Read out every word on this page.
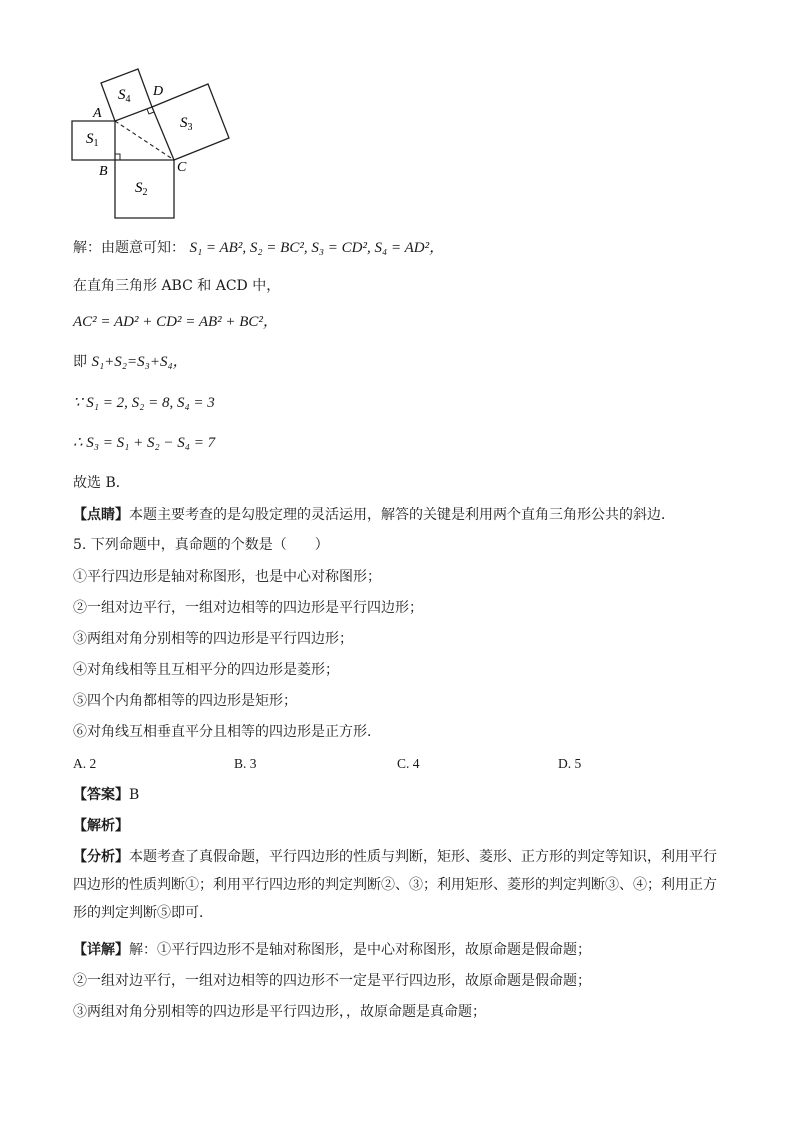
A
B	C
D
$S_1$
$S_2$
$S_3$
$S_4$
解：由题意可知： S₁ = AB², S₂ = BC², S₃ = CD², S₄ = AD²，
在直角三角形 ABC 和 ACD 中，
AC² = AD² + CD² = AB² + BC²，
即 S₁+S₂=S₃+S₄，
∵ S₁ = 2, S₂ = 8, S₄ = 3
∴ S₃ = S₁ + S₂ − S₄ = 7
故选 B．
【点睛】本题主要考查的是勾股定理的灵活运用，解答的关键是利用两个直角三角形公共的斜边．
5. 下列命题中，真命题的个数是（　　）
①平行四边形是轴对称图形，也是中心对称图形；
②一组对边平行，一组对边相等的四边形是平行四边形；
③两组对角分别相等的四边形是平行四边形；
④对角线相等且互相平分的四边形是菱形；
⑤四个内角都相等的四边形是矩形；
⑥对角线互相垂直平分且相等的四边形是正方形．
A. 2	B. 3	C. 4	D. 5
【答案】B
【解析】
【分析】本题考查了真假命题，平行四边形的性质与判断，矩形、菱形、正方形的判定等知识，利用平行四边形的性质判断①；利用平行四边形的判定判断②、③；利用矩形、菱形的判定判断③、④；利用正方形的判定判断⑤即可．
【详解】解：①平行四边形不是轴对称图形，是中心对称图形，故原命题是假命题；
②一组对边平行，一组对边相等的四边形不一定是平行四边形，故原命题是假命题；
③两组对角分别相等的四边形是平行四边形，，故原命题是真命题；
